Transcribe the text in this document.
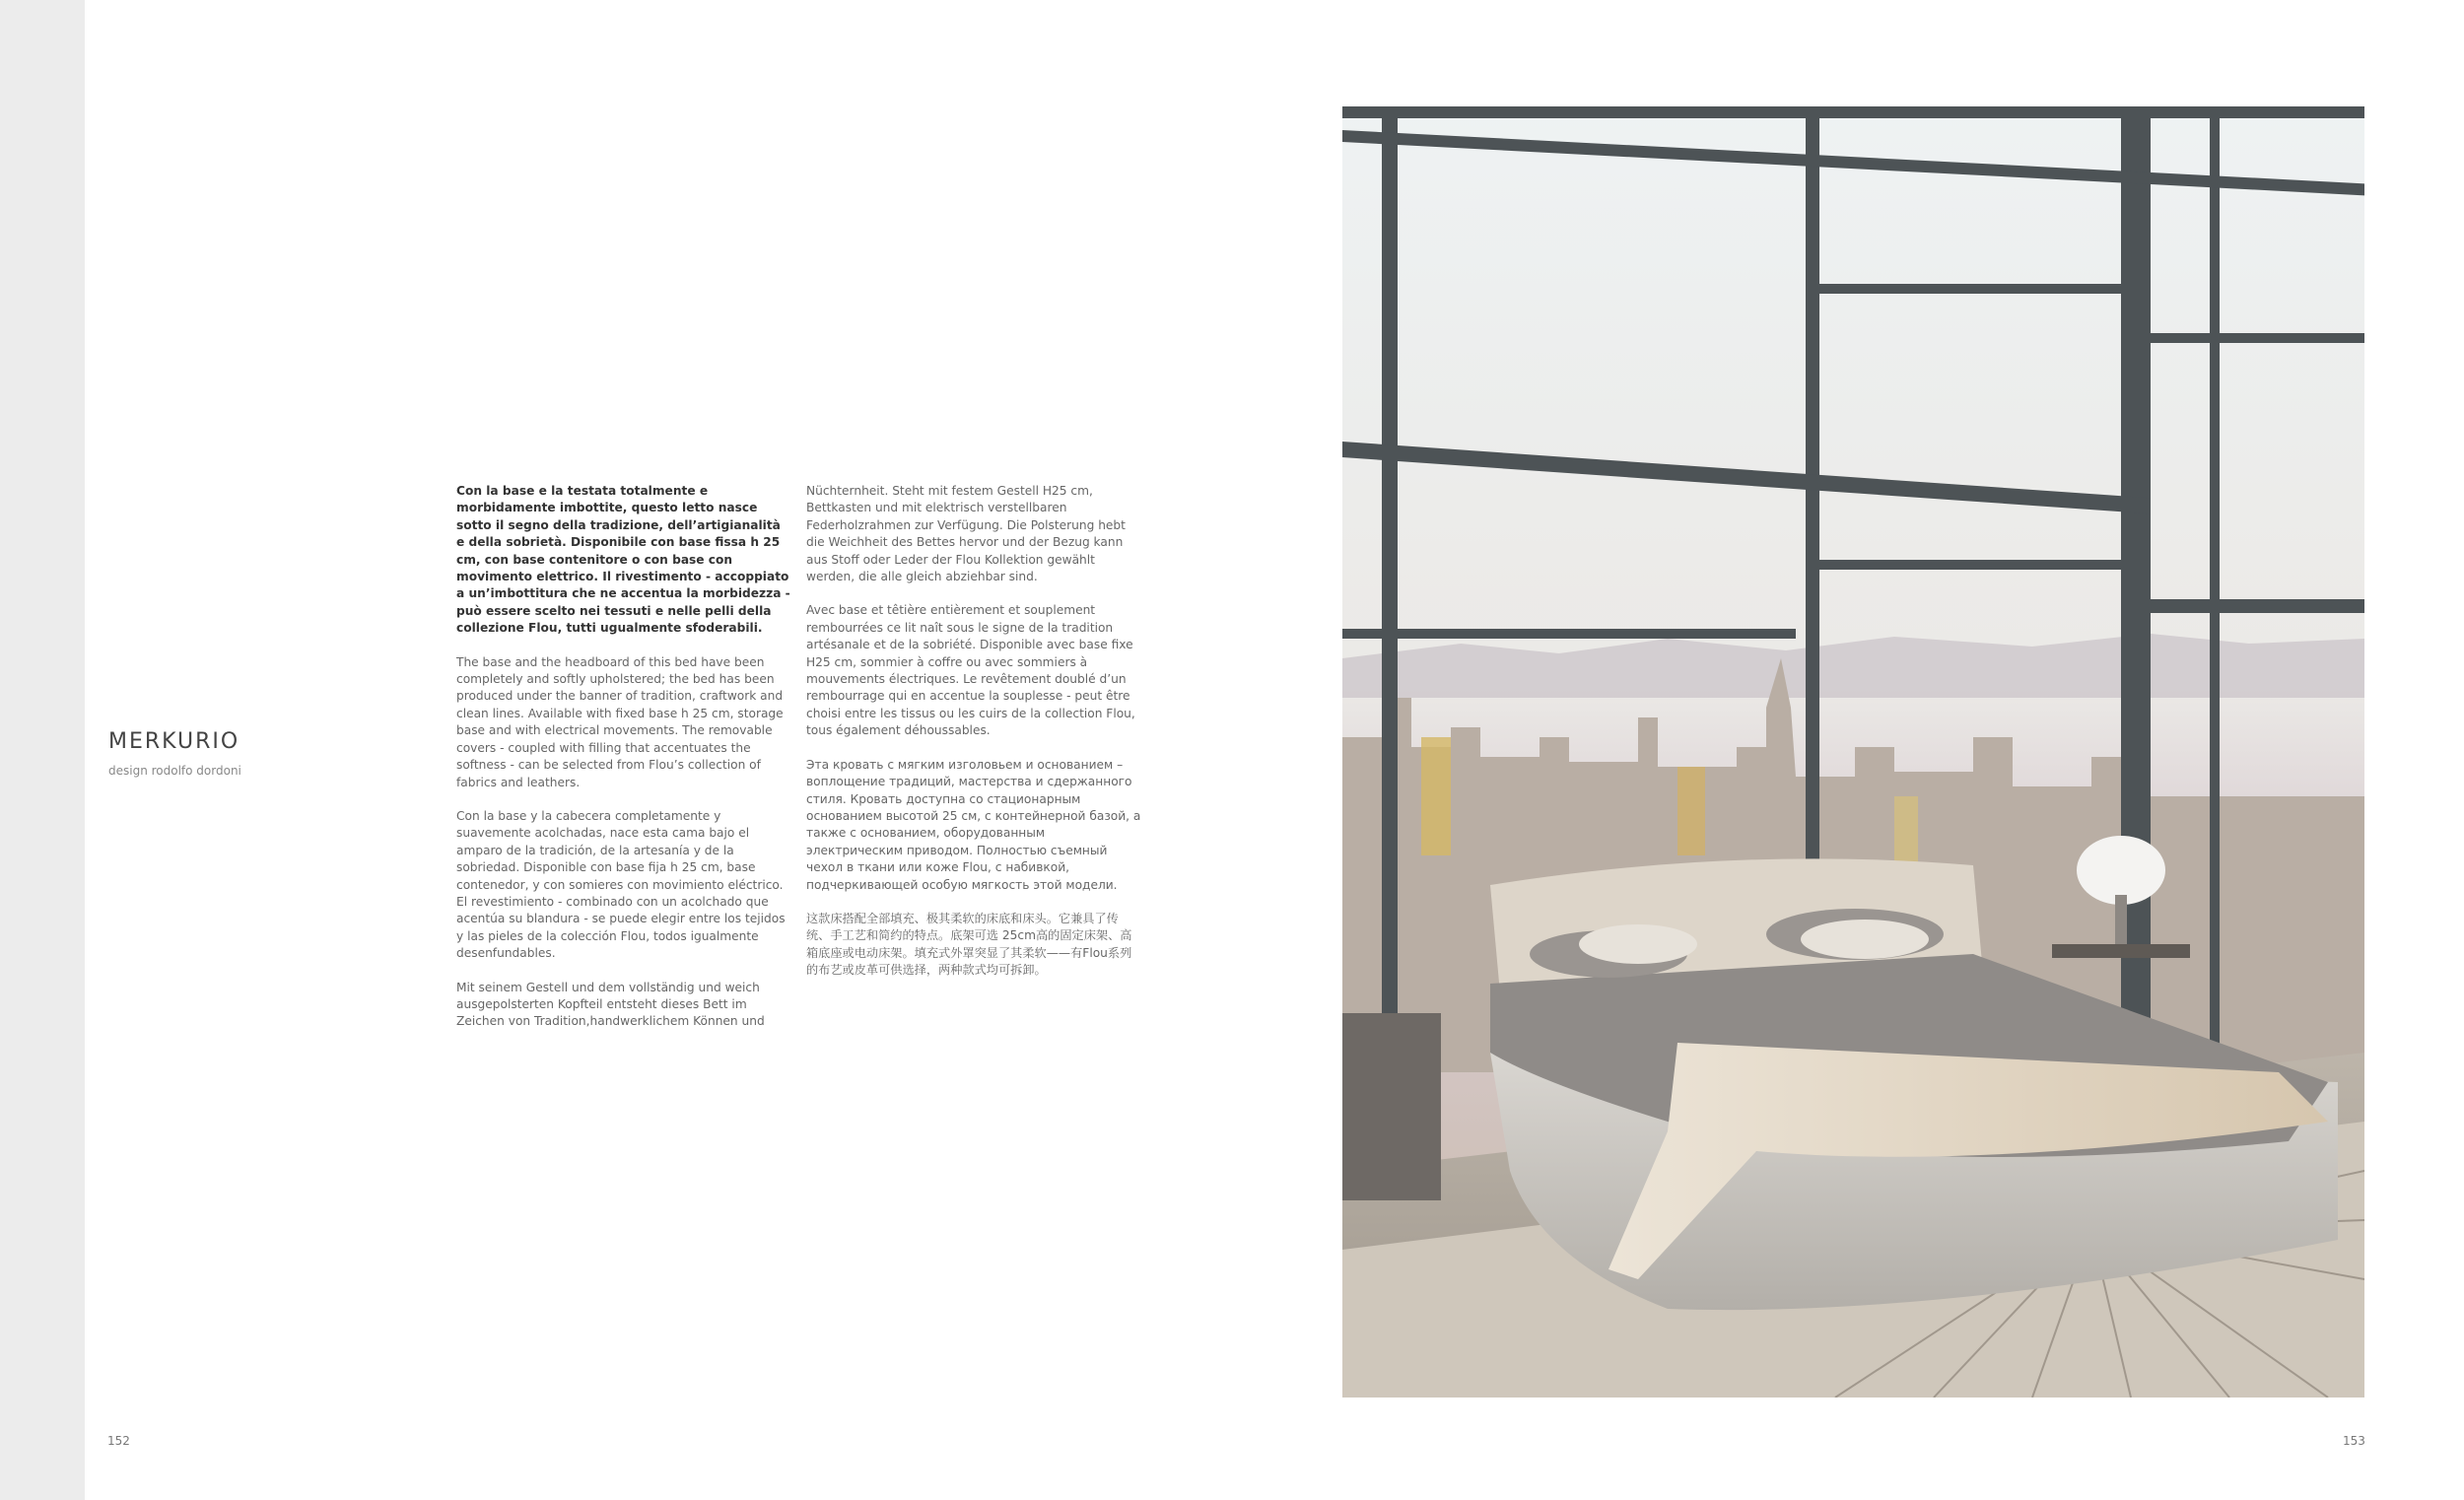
MERKURIO
design rodolfo dordoni

Con la base e la testata totalmente e morbidamente imbottite, questo letto nasce sotto il segno della tradizione, dell’artigianalità e della sobrietà. Disponibile con base fissa h 25 cm, con base contenitore o con base con movimento elettrico. Il rivestimento - accoppiato a un’imbottitura che ne accentua la morbidezza - può essere scelto nei tessuti e nelle pelli della collezione Flou, tutti ugualmente sfoderabili.

The base and the headboard of this bed have been completely and softly upholstered; the bed has been produced under the banner of tradition, craftwork and clean lines. Available with fixed base h 25 cm, storage base and with electrical movements. The removable covers - coupled with filling that accentuates the softness - can be selected from Flou’s collection of fabrics and leathers.

Con la base y la cabecera completamente y suavemente acolchadas, nace esta cama bajo el amparo de la tradición, de la artesanía y de la sobriedad. Disponible con base fija h 25 cm, base contenedor, y con somieres con movimiento eléctrico. El revestimiento - combinado con un acolchado que acentúa su blandura - se puede elegir entre los tejidos y las pieles de la colección Flou, todos igualmente desenfundables.

Mit seinem Gestell und dem vollständig und weich ausgepolsterten Kopfteil entsteht dieses Bett im Zeichen von Tradition,handwerklichem Können und

Nüchternheit. Steht mit festem Gestell H25 cm, Bettkasten und mit elektrisch verstellbaren Federholzrahmen zur Verfügung. Die Polsterung hebt die Weichheit des Bettes hervor und der Bezug kann aus Stoff oder Leder der Flou Kollektion gewählt werden, die alle gleich abziehbar sind.

Avec base et têtière entièrement et souplement rembourrées ce lit naît sous le signe de la tradition artésanale et de la sobriété. Disponible avec base fixe H25 cm, sommier à coffre ou avec sommiers à mouvements électriques. Le revêtement doublé d’un rembourrage qui en accentue la souplesse - peut être choisi entre les tissus ou les cuirs de la collection Flou, tous également déhoussables.

Эта кровать с мягким изголовьем и основанием – воплощение традиций, мастерства и сдержанного стиля. Кровать доступна со стационарным основанием высотой 25 см, с контейнерной базой, а также с основанием, оборудованным электрическим приводом. Полностью съемный чехол в ткани или коже Flou, с набивкой, подчеркивающей особую мягкость этой модели.

这款床搭配全部填充、极其柔软的床底和床头。它兼具了传统、手工艺和简约的特点。底架可选 25cm高的固定床架、高箱底座或电动床架。填充式外罩突显了其柔软——有Flou系列的布艺或皮革可供选择，两种款式均可拆卸。

152	153
